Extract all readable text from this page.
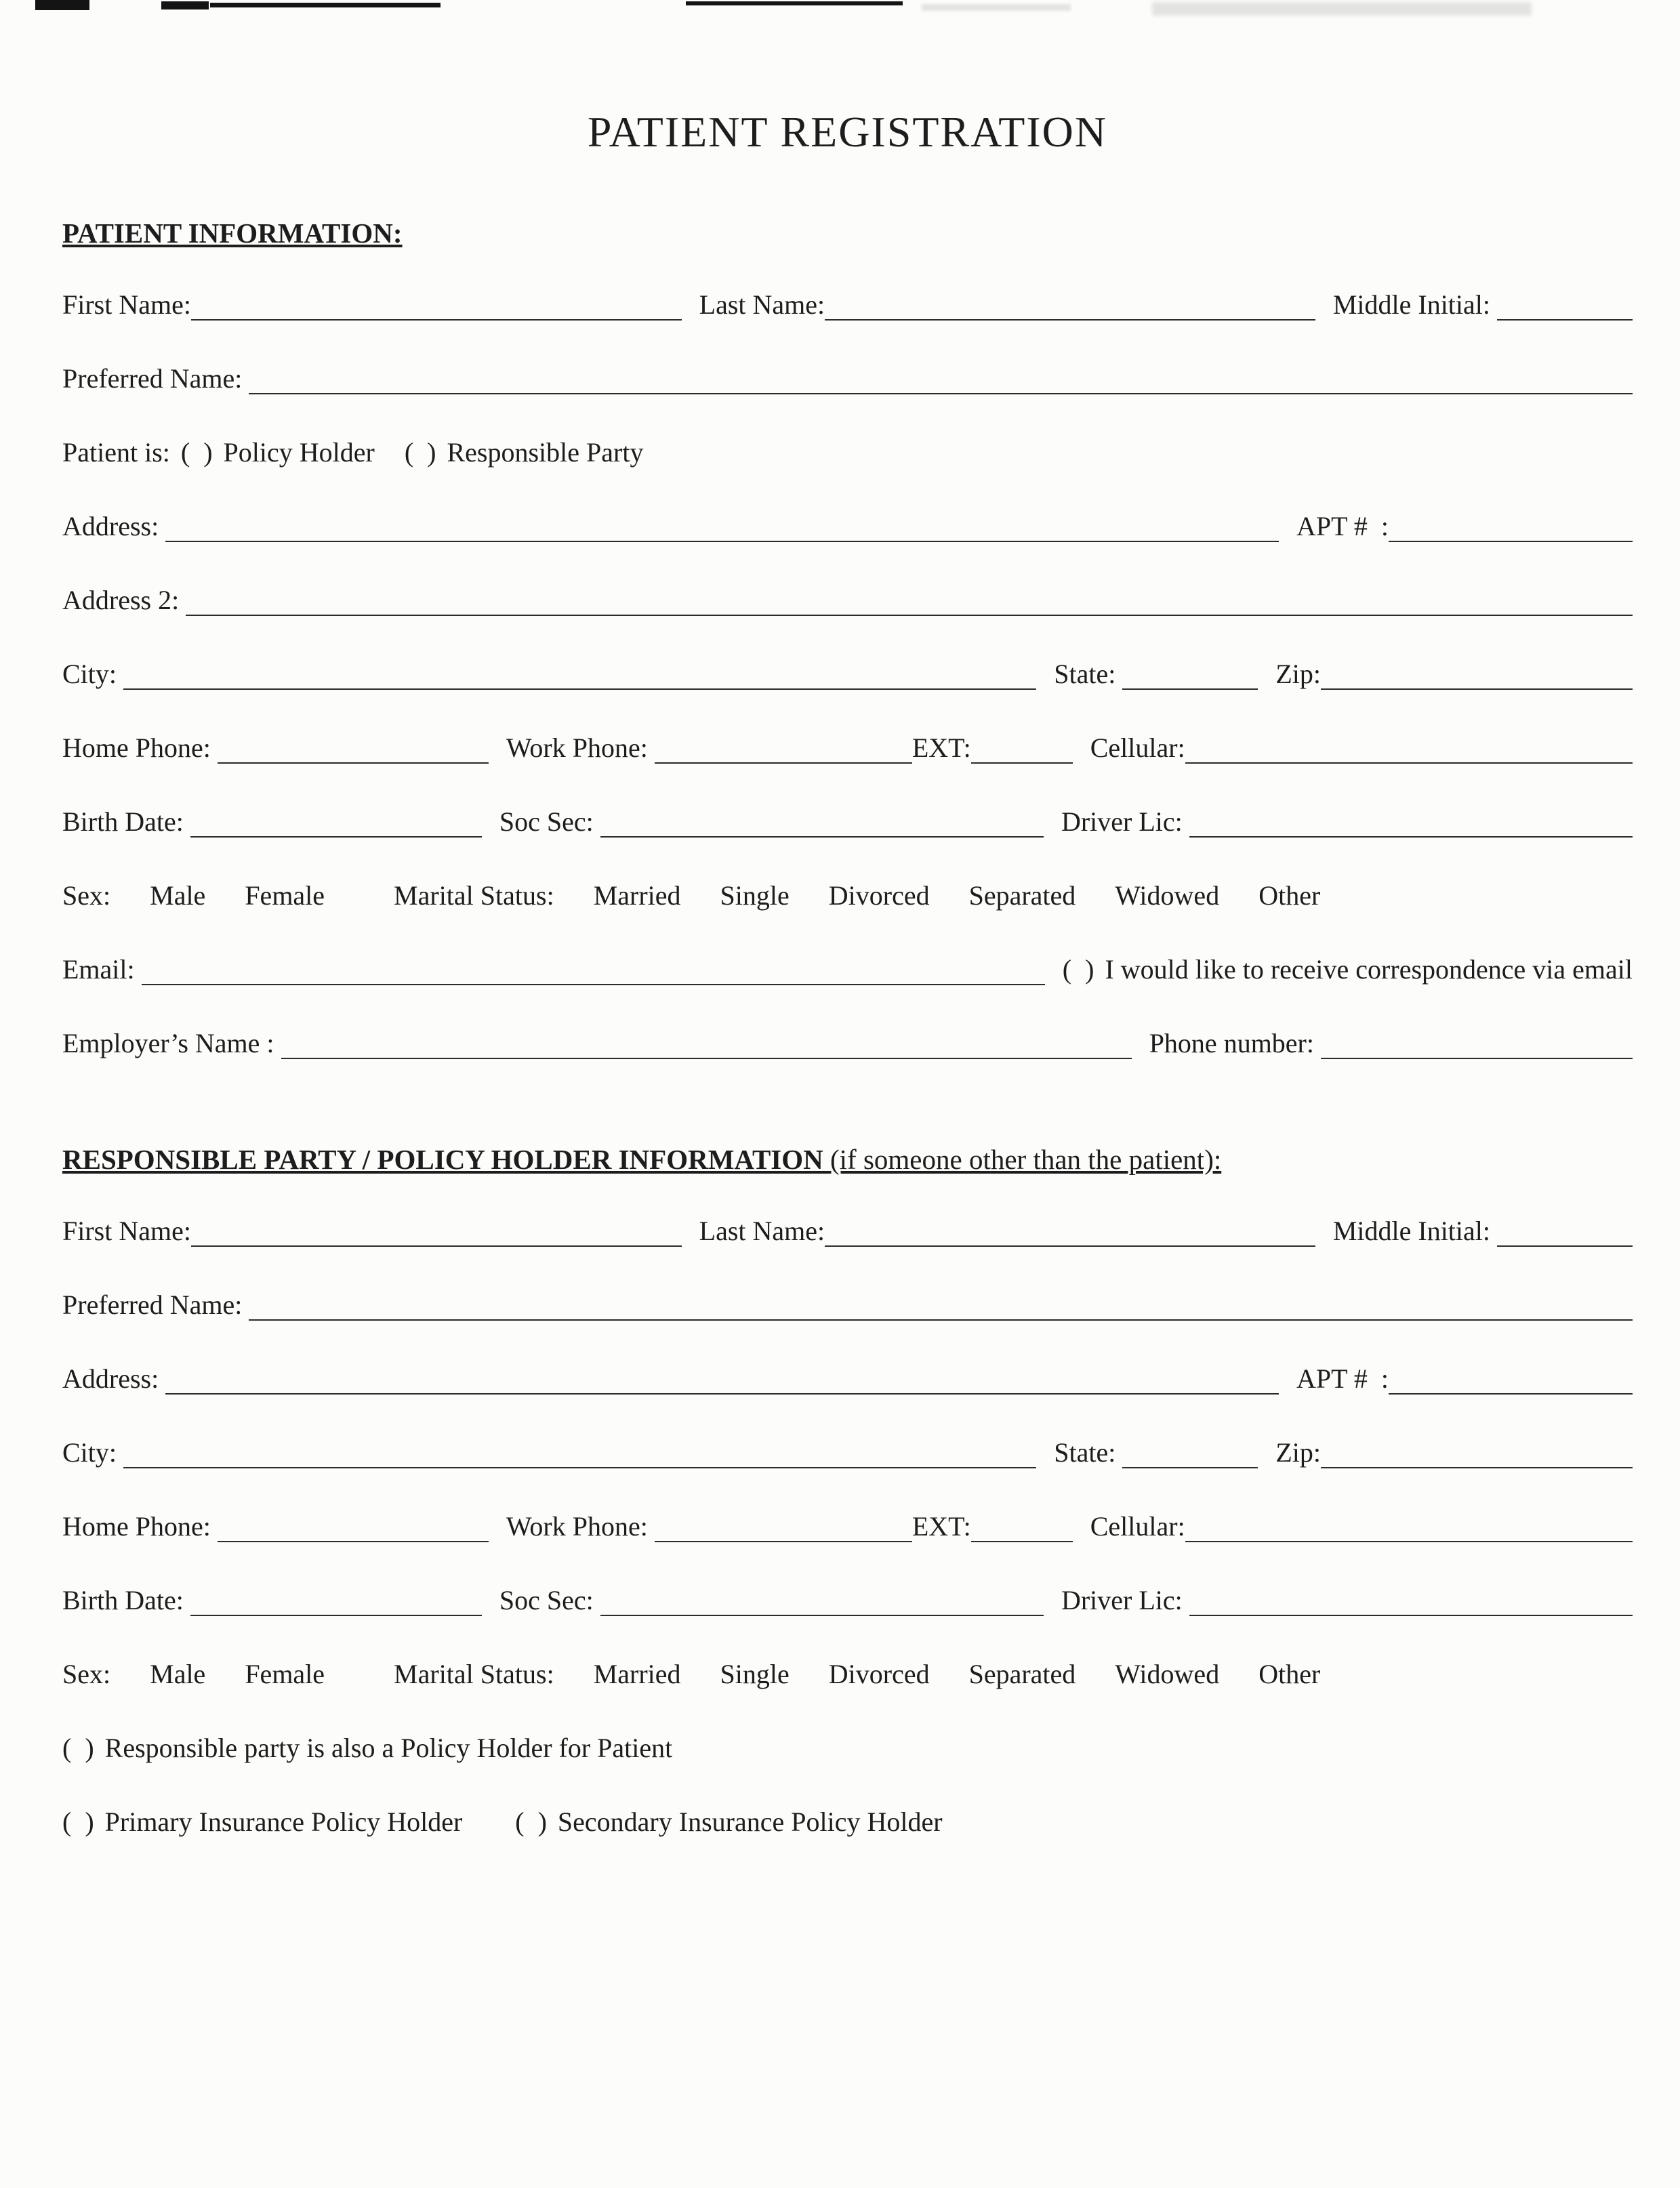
PATIENT REGISTRATION
PATIENT INFORMATION:
First Name:	Last Name:	Middle Initial:
Preferred Name:
Patient is: (  ) Policy Holder (  ) Responsible Party
Address:	APT #  :
Address 2:
City:	State:	Zip:
Home Phone:	Work Phone:	EXT:	Cellular:
Birth Date:	Soc Sec:	Driver Lic:
Sex: Male Female	Marital Status: Married Single Divorced Separated Widowed Other
Email:	(  ) I would like to receive correspondence via email
Employer’s Name :	Phone number:
RESPONSIBLE PARTY / POLICY HOLDER INFORMATION (if someone other than the patient):
First Name:	Last Name:	Middle Initial:
Preferred Name:
Address:	APT #  :
City:	State:	Zip:
Home Phone:	Work Phone:	EXT:	Cellular:
Birth Date:	Soc Sec:	Driver Lic:
Sex: Male Female	Marital Status: Married Single Divorced Separated Widowed Other
(  ) Responsible party is also a Policy Holder for Patient
(  ) Primary Insurance Policy Holder (  ) Secondary Insurance Policy Holder
